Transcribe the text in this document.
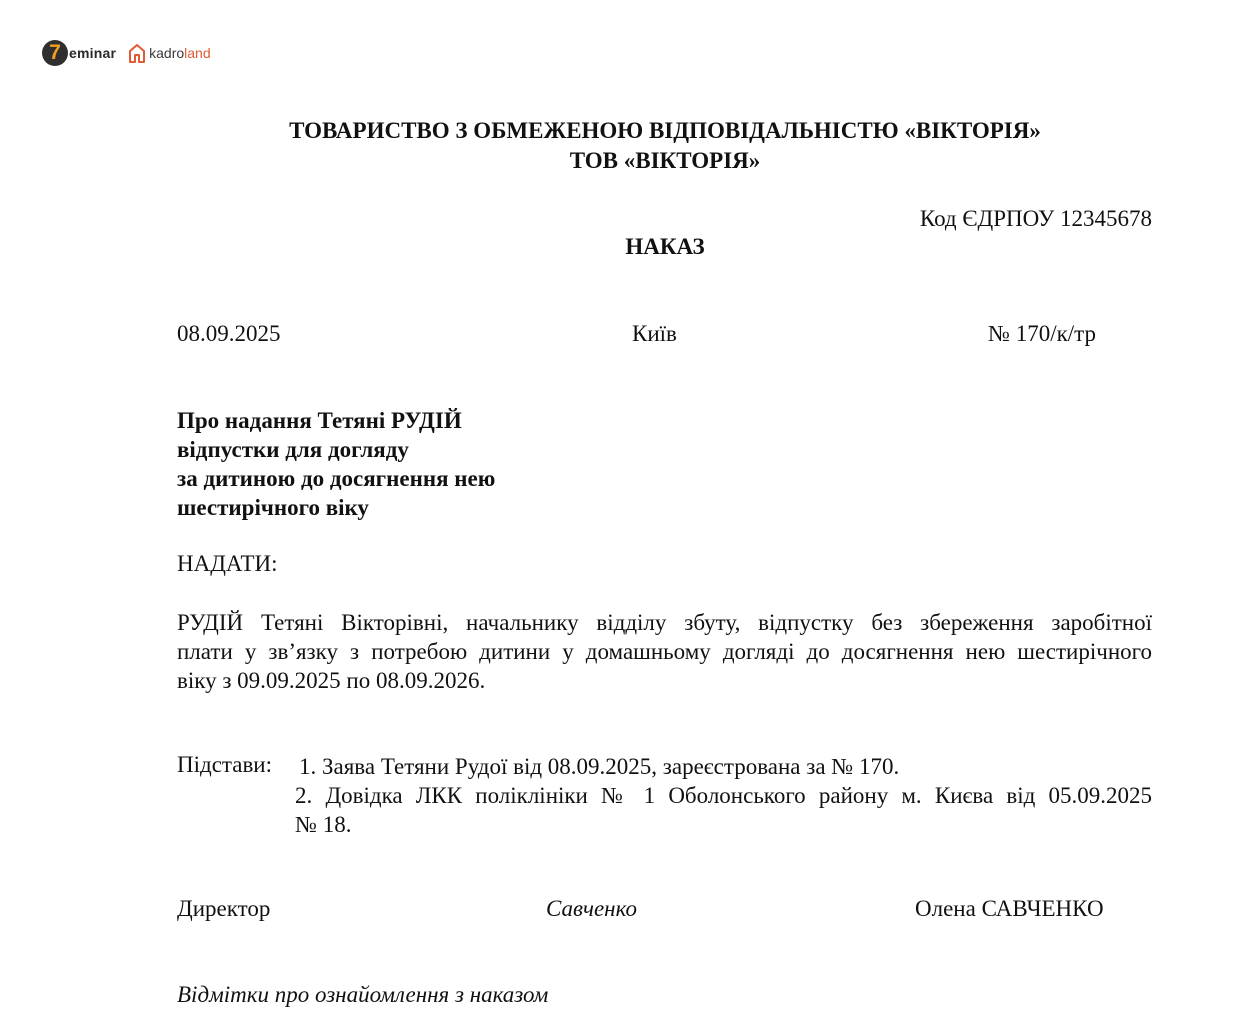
7 eminar kadroland
ТОВАРИСТВО З ОБМЕЖЕНОЮ ВІДПОВІДАЛЬНІСТЮ «ВІКТОРІЯ»
ТОВ «ВІКТОРІЯ»
Код ЄДРПОУ 12345678
НАКАЗ
08.09.2025	Київ	№ 170/к/тр
Про надання Тетяні РУДІЙ
відпустки для догляду
за дитиною до досягнення нею
шестирічного віку
НАДАТИ:
РУДІЙ Тетяні Вікторівні, начальнику відділу збуту, відпустку без збереження заробітної
плати у зв’язку з потребою дитини у домашньому догляді до досягнення нею шестирічного
віку з 09.09.2025 по 08.09.2026.
Підстави: 1. Заява Тетяни Рудої від 08.09.2025, зареєстрована за № 170.
2. Довідка ЛКК поліклініки № 1 Оболонського району м. Києва від 05.09.2025
№ 18.
Директор	Савченко	Олена САВЧЕНКО
Відмітки про ознайомлення з наказом
